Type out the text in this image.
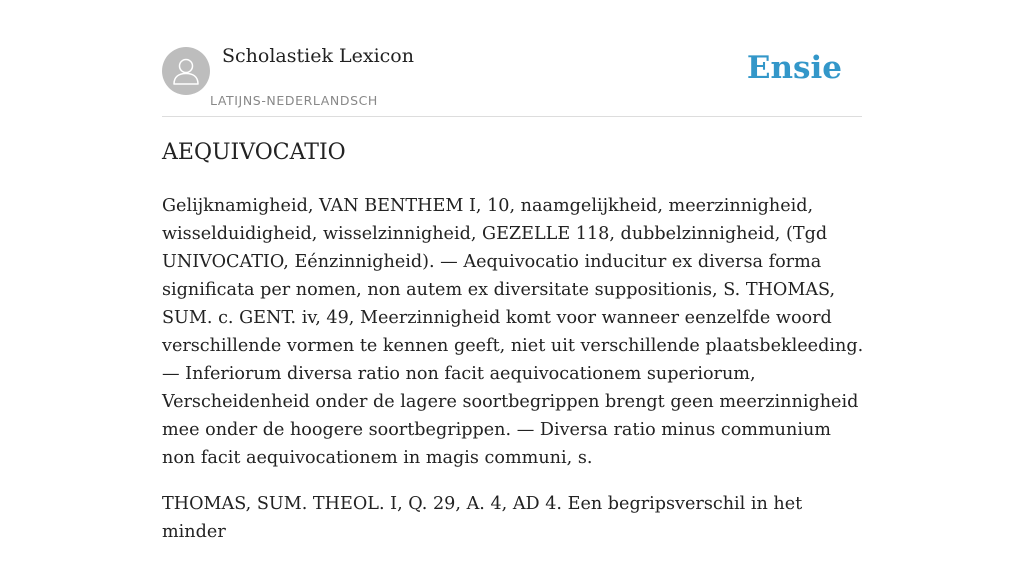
Scholastiek Lexicon
LATIJNS-NEDERLANDSCH
Ensie
AEQUIVOCATIO

Gelijknamigheid, VAN BENTHEM I, 10, naamgelijkheid, meerzinnigheid, wisselduidigheid, wisselzinnigheid, GEZELLE 118, dubbelzinnigheid, (Tgd UNIVOCATIO, Eénzinnigheid). — Aequivocatio inducitur ex diversa forma significata per nomen, non autem ex diversitate suppositionis, S. THOMAS, SUM. c. GENT. iv, 49, Meerzinnigheid komt voor wanneer eenzelfde woord verschillende vormen te kennen geeft, niet uit verschillende plaatsbekleeding. — Inferiorum diversa ratio non facit aequivocationem superiorum, Verscheidenheid onder de lagere soortbegrippen brengt geen meerzinnigheid mee onder de hoogere soortbegrippen. — Diversa ratio minus communium non facit aequivocationem in magis communi, s.

THOMAS, SUM. THEOL. I, Q. 29, A. 4, AD 4. Een begripsverschil in het minder
